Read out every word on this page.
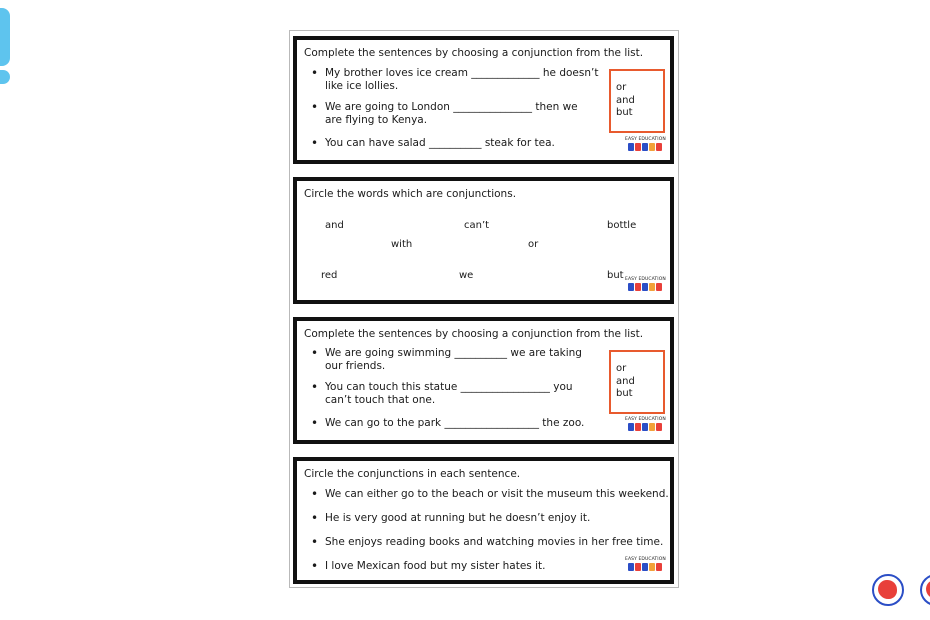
Complete the sentences by choosing a conjunction from the list.
• My brother loves ice cream _____________ he doesn’t like ice lollies.
• We are going to London _______________ then we are flying to Kenya.
• You can have salad __________ steak for tea.
or
and
but
EASY EDUCATION
Circle the words which are conjunctions.
and	can’t	bottle
with	or
red	we	but EASY EDUCATION
Complete the sentences by choosing a conjunction from the list.
• We are going swimming __________ we are taking our friends.
• You can touch this statue _________________ you can’t touch that one.
• We can go to the park __________________ the zoo.
or
and
but
EASY EDUCATION
Circle the conjunctions in each sentence.
• We can either go to the beach or visit the museum this weekend.
• He is very good at running but he doesn’t enjoy it.
• She enjoys reading books and watching movies in her free time.
• I love Mexican food but my sister hates it.
EASY EDUCATION
